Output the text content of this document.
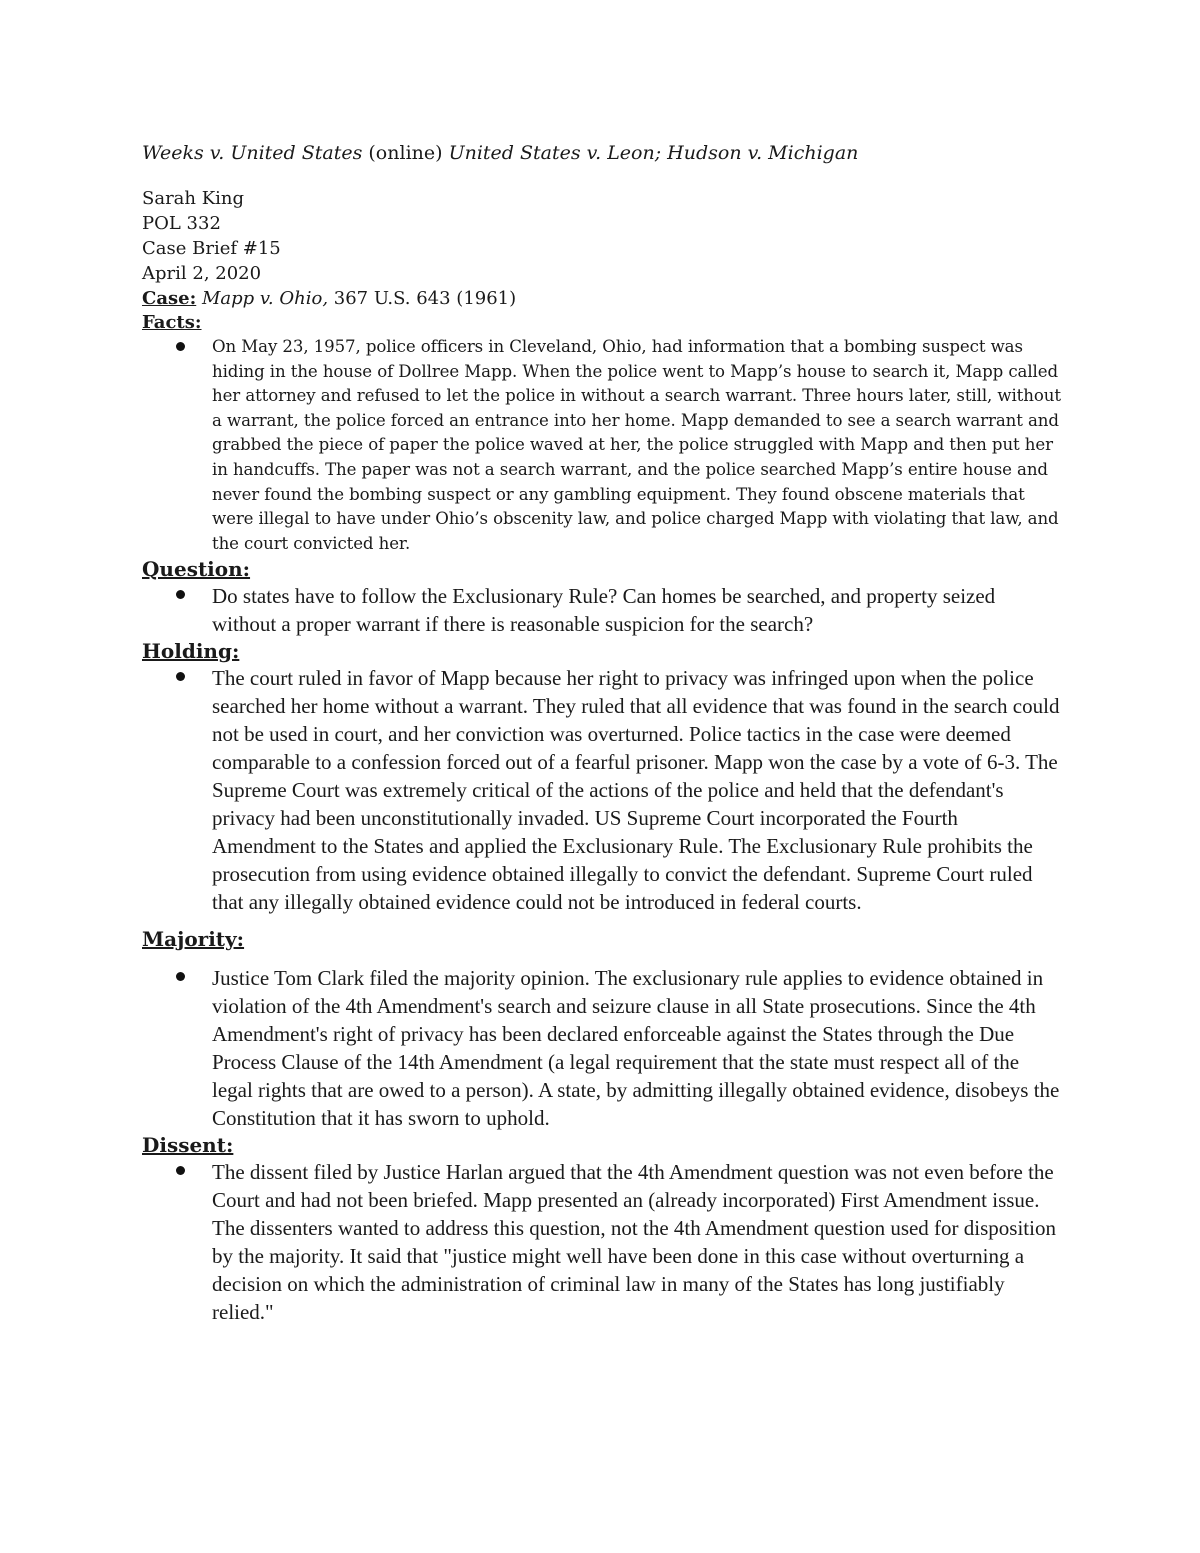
Weeks v. United States (online) United States v. Leon; Hudson v. Michigan
Sarah King
POL 332
Case Brief #15
April 2, 2020
Case: Mapp v. Ohio, 367 U.S. 643 (1961)
Facts:
On May 23, 1957, police officers in Cleveland, Ohio, had information that a bombing suspect was hiding in the house of Dollree Mapp. When the police went to Mapp’s house to search it, Mapp called her attorney and refused to let the police in without a search warrant. Three hours later, still, without a warrant, the police forced an entrance into her home. Mapp demanded to see a search warrant and grabbed the piece of paper the police waved at her, the police struggled with Mapp and then put her in handcuffs. The paper was not a search warrant, and the police searched Mapp’s entire house and never found the bombing suspect or any gambling equipment. They found obscene materials that were illegal to have under Ohio’s obscenity law, and police charged Mapp with violating that law, and the court convicted her.
Question:
Do states have to follow the Exclusionary Rule? Can homes be searched, and property seized without a proper warrant if there is reasonable suspicion for the search?
Holding:
The court ruled in favor of Mapp because her right to privacy was infringed upon when the police searched her home without a warrant. They ruled that all evidence that was found in the search could not be used in court, and her conviction was overturned. Police tactics in the case were deemed comparable to a confession forced out of a fearful prisoner. Mapp won the case by a vote of 6-3. The Supreme Court was extremely critical of the actions of the police and held that the defendant's privacy had been unconstitutionally invaded. US Supreme Court incorporated the Fourth Amendment to the States and applied the Exclusionary Rule. The Exclusionary Rule prohibits the prosecution from using evidence obtained illegally to convict the defendant. Supreme Court ruled that any illegally obtained evidence could not be introduced in federal courts.
Majority:
Justice Tom Clark filed the majority opinion. The exclusionary rule applies to evidence obtained in violation of the 4th Amendment's search and seizure clause in all State prosecutions. Since the 4th Amendment's right of privacy has been declared enforceable against the States through the Due Process Clause of the 14th Amendment (a legal requirement that the state must respect all of the legal rights that are owed to a person). A state, by admitting illegally obtained evidence, disobeys the Constitution that it has sworn to uphold.
Dissent:
The dissent filed by Justice Harlan argued that the 4th Amendment question was not even before the Court and had not been briefed. Mapp presented an (already incorporated) First Amendment issue. The dissenters wanted to address this question, not the 4th Amendment question used for disposition by the majority. It said that "justice might well have been done in this case without overturning a decision on which the administration of criminal law in many of the States has long justifiably relied."
